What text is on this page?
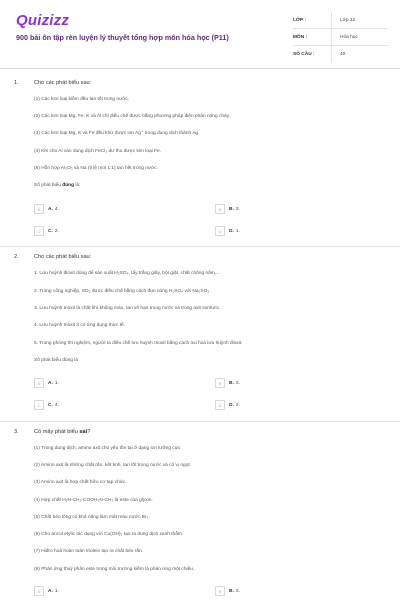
Quizizz
900 bài ôn tập rèn luyện lý thuyết tổng hợp môn hóa học (P11)
LỚP :	Lớp 12
MÔN :	Hóa học
SỐ CÂU :	40
1.	Cho các phát biểu sau:
(1) Các kim loại kiềm đều tan tốt trong nước.
(2) Các kim loại Mg, Fe, K và Al chỉ điều chế được bằng phương pháp điện phân nóng chảy.
(3) Các kim loại Mg, K và Fe đều khử được ion Ag⁺ trong dung dịch thành Ag.
(4) Khi cho Al vào dung dịch FeCl₃ dư thu được kim loại Fe.
(5) Hỗn hợp Al₂O₃ và Na (tỉ lệ mol 1:1) tan hết trong nước.
Số phát biểu đúng là:
A	A. 4.	B	B. 3.
C	C. 2.	D	D. 1.
2.	Cho các phát biểu sau:
1. Lưu huỳnh đioxit dùng để sản xuất H₂SO₄, tẩy trắng giấy, bột giặt, chất chống nấm,...
2. Trong công nghiệp, SO₂ được điều chế bằng cách đun nóng H₂SO₄ với Na₂SO₃
3. Lưu huỳnh trioxit là chất khí không màu, tan vô hạn trong nước và trong axit sunfuric.
4. Lưu huỳnh trioxit ít có ứng dụng thực tế.
5. Trong phòng thí nghiệm, người ta điều chế lưu huỳnh trioxit bằng cách oxi hoá lưu huỳnh đioxit.
Số phát biểu đúng là
A	A. 1.	B	B. 3.
C	C. 4.	D	D. 2.
3.	Có mấy phát biểu sai?
(1) Trong dung dịch, amino axit chủ yếu tồn tại ở dạng ion lưỡng cực.
(2) Amino axit là những chất rắn, kết tinh, tan tốt trong nước và có vị ngọt.
(3) Amino axit là hợp chất hữu cơ tạp chức.
(4) Hợp chất H₂N-CH₂-COOH₃N-CH₃ là este của glyxin.
(5) Chất béo lỏng có khả năng làm mất màu nước Br₂.
(6) Cho ancol etylic tác dụng với Cu(OH)₂ tạo ra dung dịch xanh thẫm.
(7) Hiđro hoá hoàn toàn triolein tạo ra chất béo rắn.
(8) Phản ứng thuỷ phân este trong môi trường kiềm là phản ứng một chiều.
A	A. 1.	B	B. 3.
